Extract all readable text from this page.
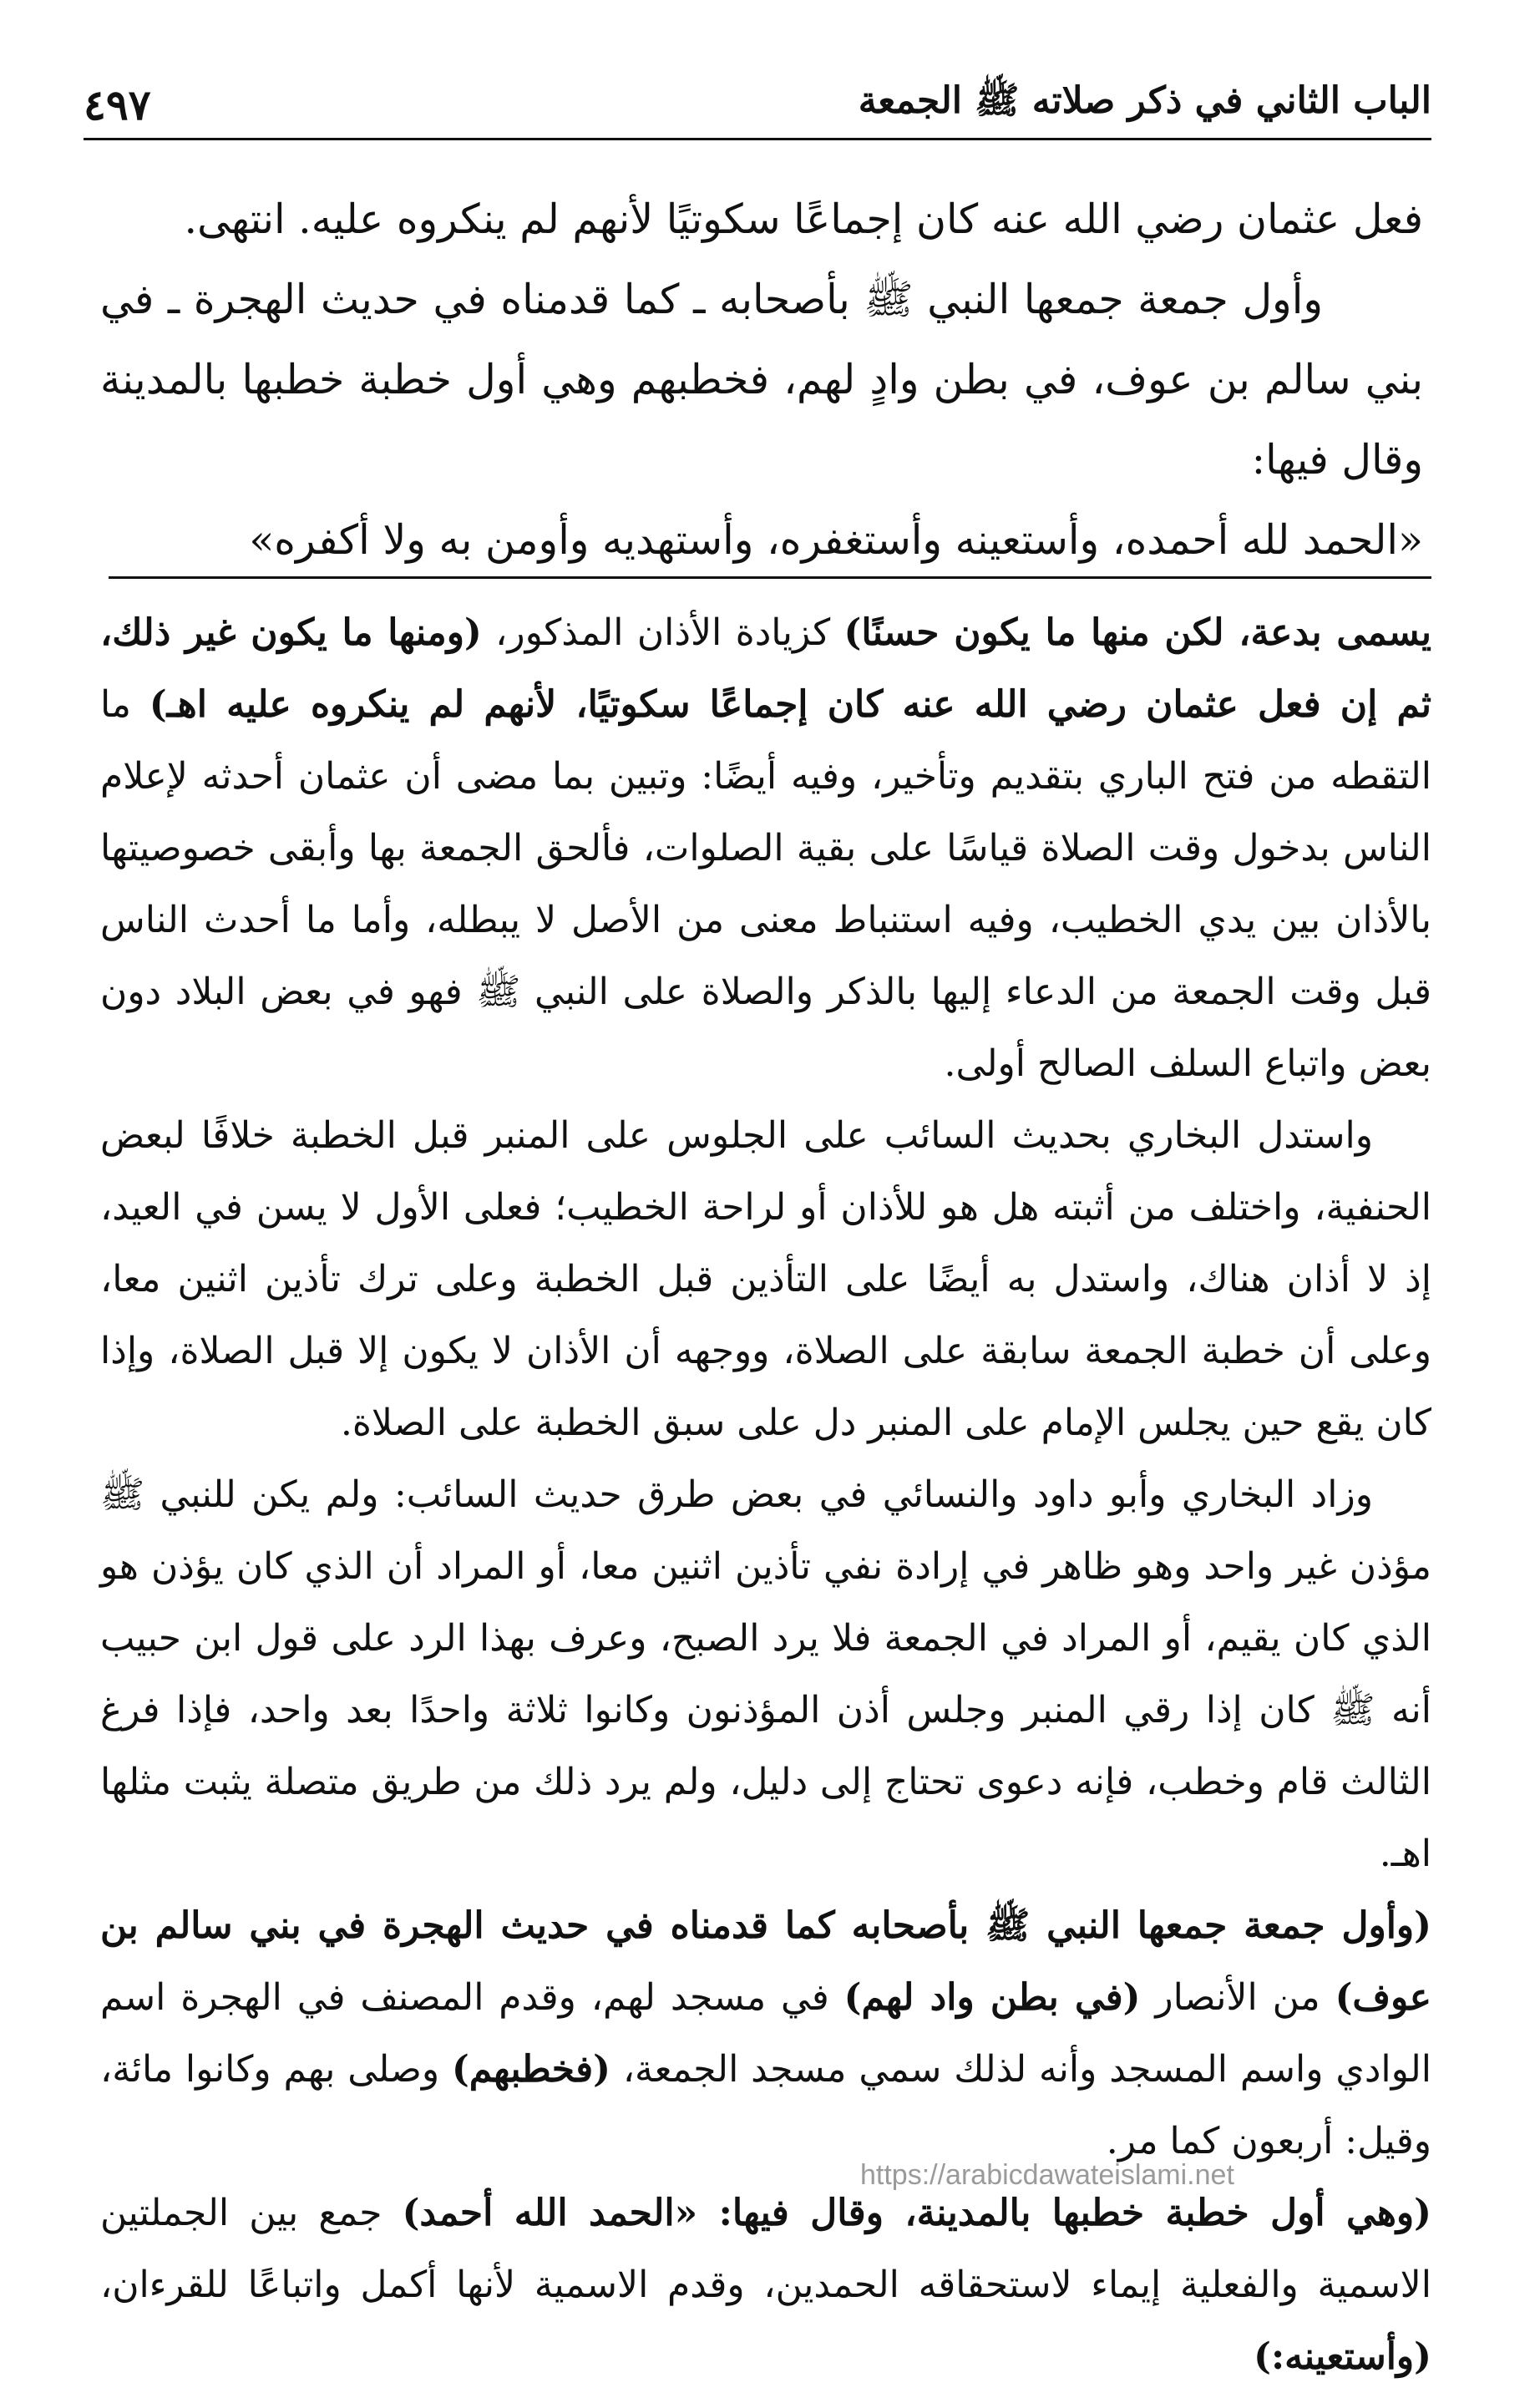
الباب الثاني في ذكر صلاته ﷺ الجمعة
٤٩٧

فعل عثمان رضي الله عنه كان إجماعًا سكوتيًا لأنهم لم ينكروه عليه. انتهى.

وأول جمعة جمعها النبي ﷺ بأصحابه ـ كما قدمناه في حديث الهجرة ـ في بني سالم بن عوف، في بطن وادٍ لهم، فخطبهم وهي أول خطبة خطبها بالمدينة وقال فيها:

«الحمد لله أحمده، وأستعينه وأستغفره، وأستهديه وأومن به ولا أكفره»

يسمى بدعة، لكن منها ما يكون حسنًا) كزيادة الأذان المذكور، (ومنها ما يكون غير ذلك، ثم إن فعل عثمان رضي الله عنه كان إجماعًا سكوتيًا، لأنهم لم ينكروه عليه اهـ) ما التقطه من فتح الباري بتقديم وتأخير، وفيه أيضًا: وتبين بما مضى أن عثمان أحدثه لإعلام الناس بدخول وقت الصلاة قياسًا على بقية الصلوات، فألحق الجمعة بها وأبقى خصوصيتها بالأذان بين يدي الخطيب، وفيه استنباط معنى من الأصل لا يبطله، وأما ما أحدث الناس قبل وقت الجمعة من الدعاء إليها بالذكر والصلاة على النبي ﷺ فهو في بعض البلاد دون بعض واتباع السلف الصالح أولى.

واستدل البخاري بحديث السائب على الجلوس على المنبر قبل الخطبة خلافًا لبعض الحنفية، واختلف من أثبته هل هو للأذان أو لراحة الخطيب؛ فعلى الأول لا يسن في العيد، إذ لا أذان هناك، واستدل به أيضًا على التأذين قبل الخطبة وعلى ترك تأذين اثنين معا، وعلى أن خطبة الجمعة سابقة على الصلاة، ووجهه أن الأذان لا يكون إلا قبل الصلاة، وإذا كان يقع حين يجلس الإمام على المنبر دل على سبق الخطبة على الصلاة.

وزاد البخاري وأبو داود والنسائي في بعض طرق حديث السائب: ولم يكن للنبي ﷺ مؤذن غير واحد وهو ظاهر في إرادة نفي تأذين اثنين معا، أو المراد أن الذي كان يؤذن هو الذي كان يقيم، أو المراد في الجمعة فلا يرد الصبح، وعرف بهذا الرد على قول ابن حبيب أنه ﷺ كان إذا رقي المنبر وجلس أذن المؤذنون وكانوا ثلاثة واحدًا بعد واحد، فإذا فرغ الثالث قام وخطب، فإنه دعوى تحتاج إلى دليل، ولم يرد ذلك من طريق متصلة يثبت مثلها اهـ.

(وأول جمعة جمعها النبي ﷺ بأصحابه كما قدمناه في حديث الهجرة في بني سالم بن عوف) من الأنصار (في بطن واد لهم) في مسجد لهم، وقدم المصنف في الهجرة اسم الوادي واسم المسجد وأنه لذلك سمي مسجد الجمعة، (فخطبهم) وصلى بهم وكانوا مائة، وقيل: أربعون كما مر.

(وهي أول خطبة خطبها بالمدينة، وقال فيها: «الحمد الله أحمد) جمع بين الجملتين الاسمية والفعلية إيماء لاستحقاقه الحمدين، وقدم الاسمية لأنها أكمل واتباعًا للقرءان، (وأستعينه:)

https://arabicdawateislami.net
